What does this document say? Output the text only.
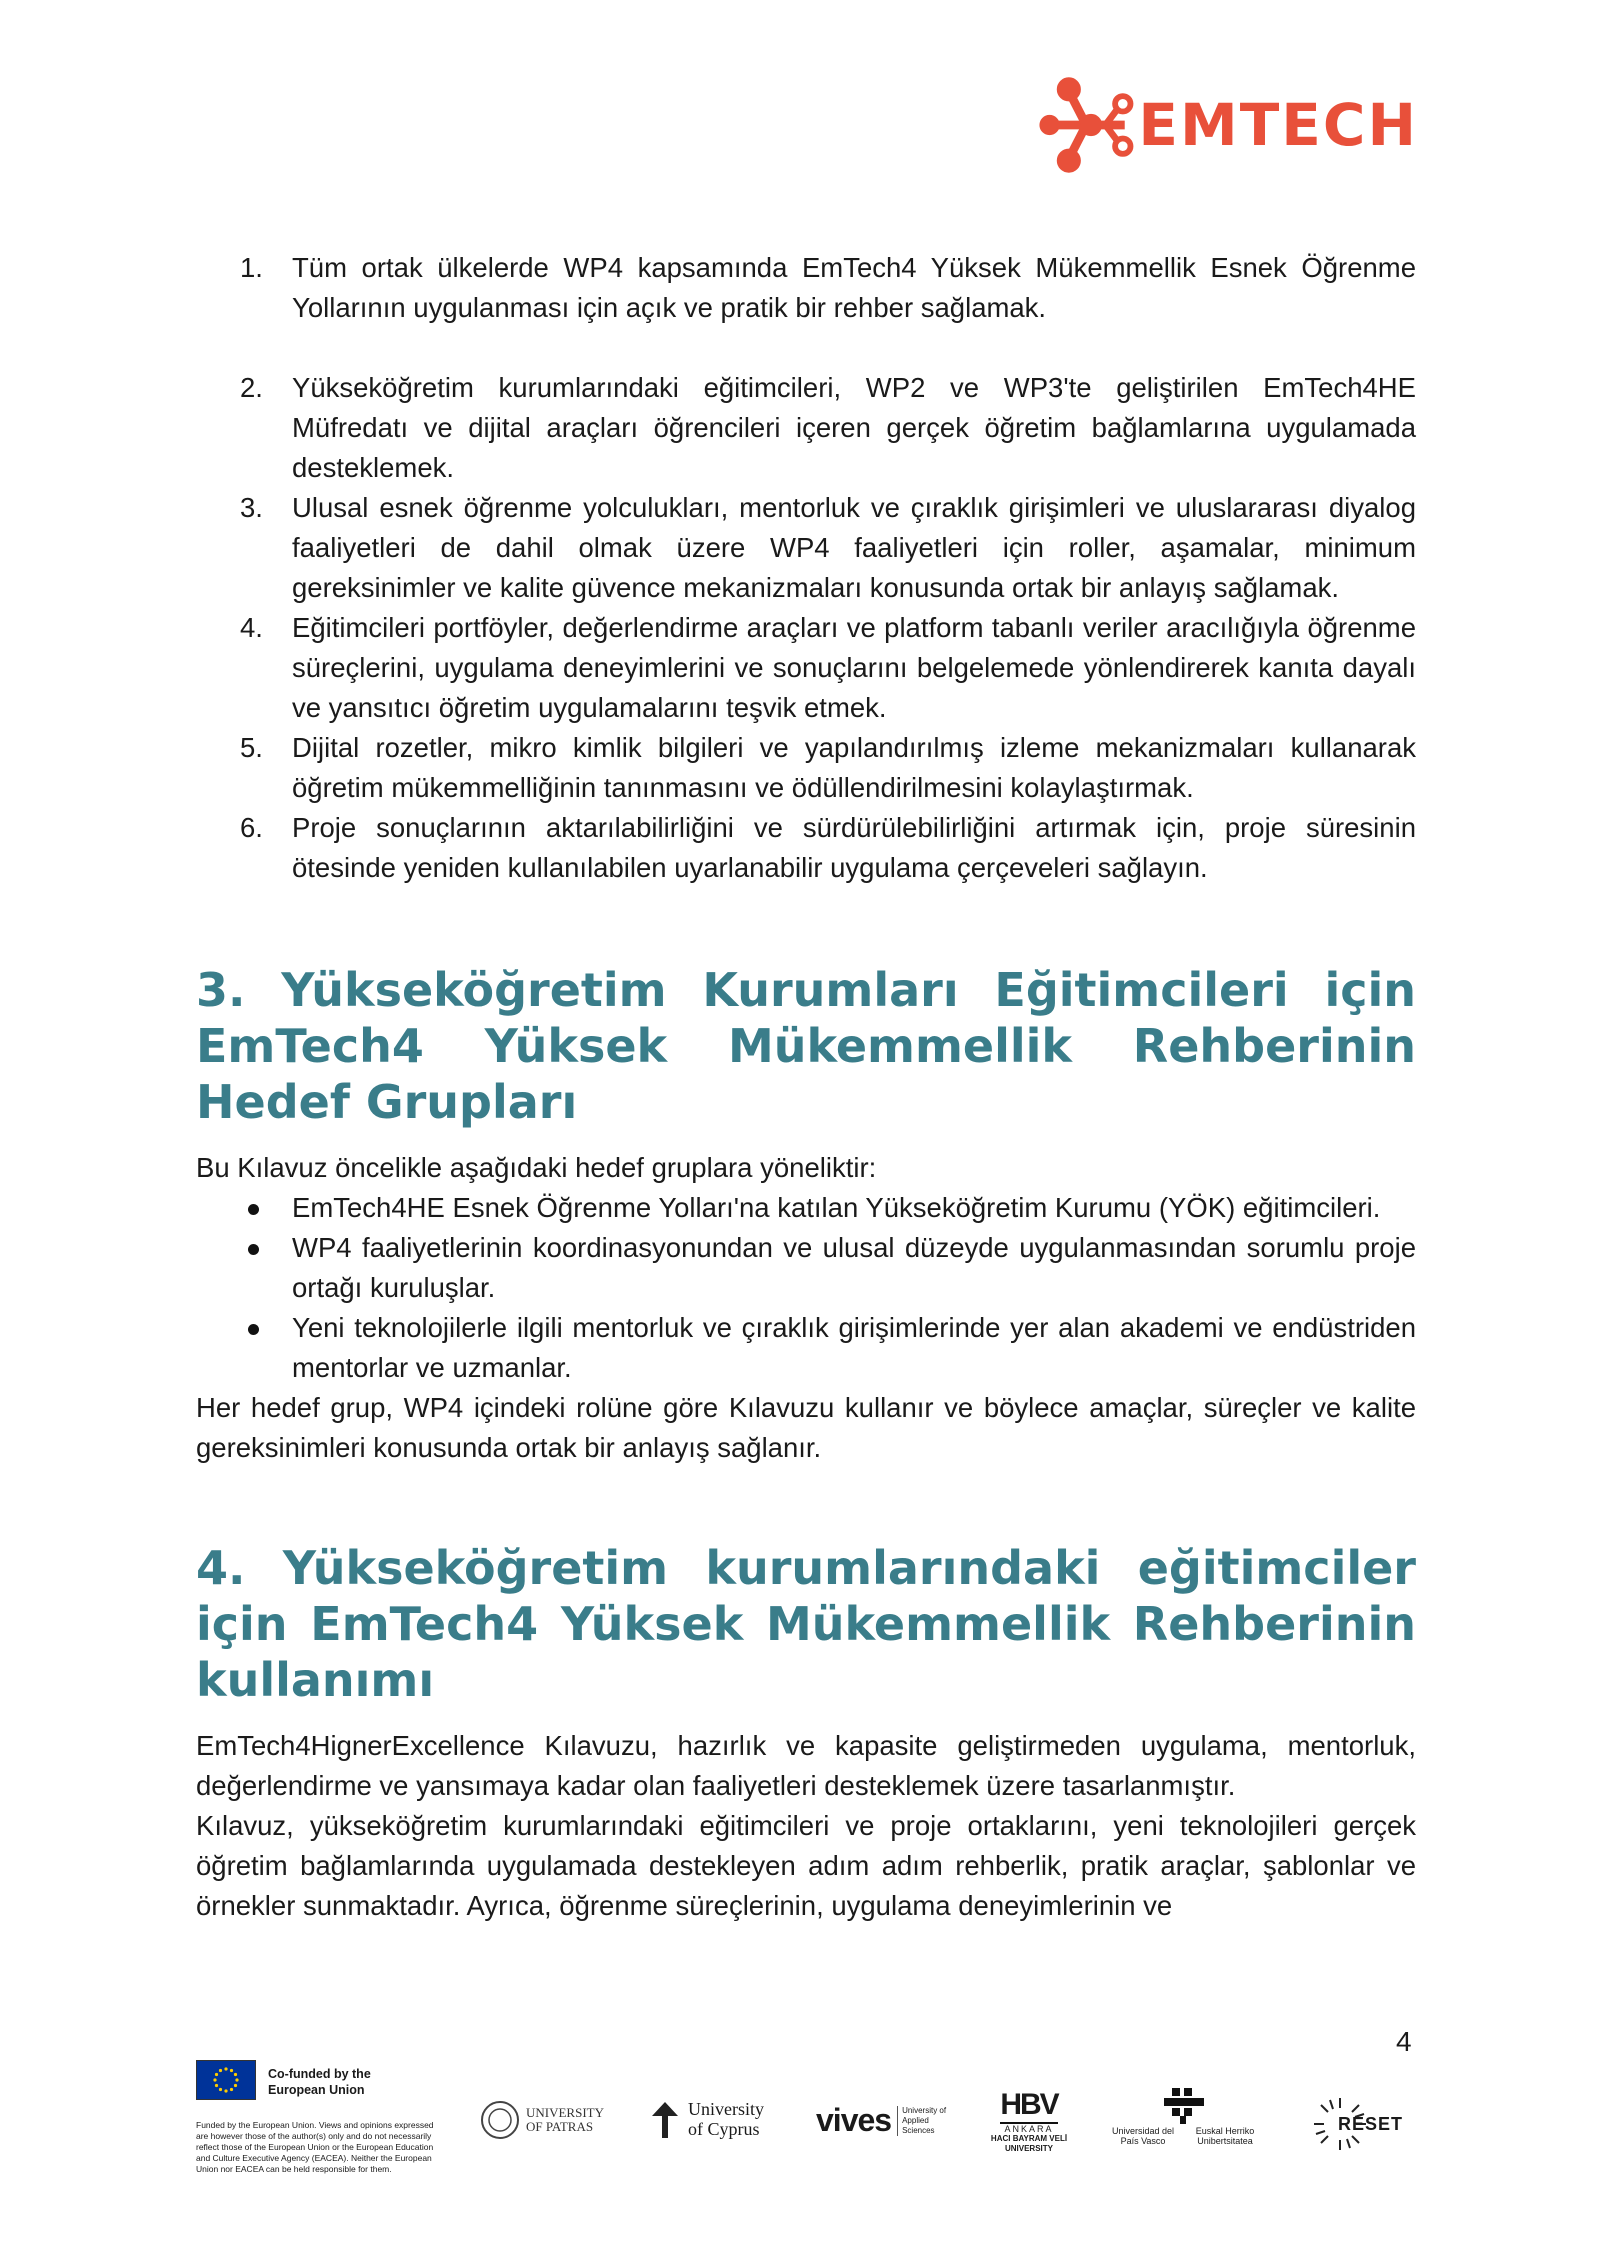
EMTECH
1. Tüm ortak ülkelerde WP4 kapsamında EmTech4 Yüksek Mükemmellik Esnek Öğrenme Yollarının uygulanması için açık ve pratik bir rehber sağlamak.
2. Yükseköğretim kurumlarındaki eğitimcileri, WP2 ve WP3'te geliştirilen EmTech4HE Müfredatı ve dijital araçları öğrencileri içeren gerçek öğretim bağlamlarına uygulamada desteklemek.
3. Ulusal esnek öğrenme yolculukları, mentorluk ve çıraklık girişimleri ve uluslararası diyalog faaliyetleri de dahil olmak üzere WP4 faaliyetleri için roller, aşamalar, minimum gereksinimler ve kalite güvence mekanizmaları konusunda ortak bir anlayış sağlamak.
4. Eğitimcileri portföyler, değerlendirme araçları ve platform tabanlı veriler aracılığıyla öğrenme süreçlerini, uygulama deneyimlerini ve sonuçlarını belgelemede yönlendirerek kanıta dayalı ve yansıtıcı öğretim uygulamalarını teşvik etmek.
5. Dijital rozetler, mikro kimlik bilgileri ve yapılandırılmış izleme mekanizmaları kullanarak öğretim mükemmelliğinin tanınmasını ve ödüllendirilmesini kolaylaştırmak.
6. Proje sonuçlarının aktarılabilirliğini ve sürdürülebilirliğini artırmak için, proje süresinin ötesinde yeniden kullanılabilen uyarlanabilir uygulama çerçeveleri sağlayın.
3. Yükseköğretim Kurumları Eğitimcileri için EmTech4 Yüksek Mükemmellik Rehberinin Hedef Grupları

Bu Kılavuz öncelikle aşağıdaki hedef gruplara yöneliktir:

EmTech4HE Esnek Öğrenme Yolları'na katılan Yükseköğretim Kurumu (YÖK) eğitimcileri.
WP4 faaliyetlerinin koordinasyonundan ve ulusal düzeyde uygulanmasından sorumlu proje ortağı kuruluşlar.
Yeni teknolojilerle ilgili mentorluk ve çıraklık girişimlerinde yer alan akademi ve endüstriden mentorlar ve uzmanlar.

Her hedef grup, WP4 içindeki rolüne göre Kılavuzu kullanır ve böylece amaçlar, süreçler ve kalite gereksinimleri konusunda ortak bir anlayış sağlanır.

4. Yükseköğretim kurumlarındaki eğitimciler için EmTech4 Yüksek Mükemmellik Rehberinin kullanımı

EmTech4HignerExcellence Kılavuzu, hazırlık ve kapasite geliştirmeden uygulama, mentorluk, değerlendirme ve yansımaya kadar olan faaliyetleri desteklemek üzere tasarlanmıştır.

Kılavuz, yükseköğretim kurumlarındaki eğitimcileri ve proje ortaklarını, yeni teknolojileri gerçek öğretim bağlamlarında uygulamada destekleyen adım adım rehberlik, pratik araçlar, şablonlar ve örnekler sunmaktadır. Ayrıca, öğrenme süreçlerinin, uygulama deneyimlerinin ve

4
Co-funded by the European Union
Funded by the European Union. Views and opinions expressed are however those of the author(s) only and do not necessarily reflect those of the European Union or the European Education and Culture Executive Agency (EACEA). Neither the European Union nor EACEA can be held responsible for them.
UNIVERSITY OF PATRAS
University
of Cyprus vives	University of Applied Sciences
HBV
ANKARA
HACI BAYRAM VELİ UNIVERSITY
Universidad del País Vasco
Euskal Herriko Unibertsitatea
RESET
